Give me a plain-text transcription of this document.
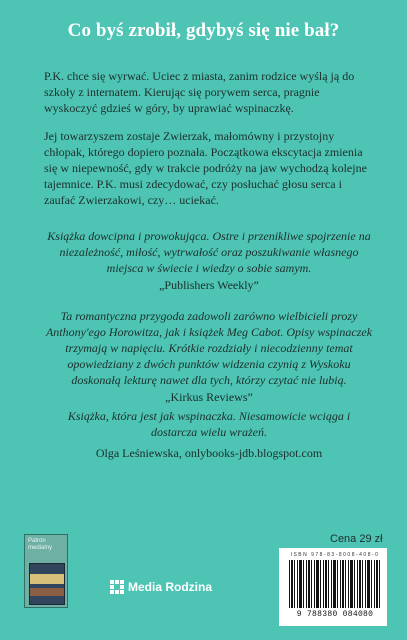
Co byś zrobił, gdybyś się nie bał?
P.K. chce się wyrwać. Uciec z miasta, zanim rodzice wyślą ją do szkoły z internatem. Kierując się porywem serca, pragnie wyskoczyć gdzieś w góry, by uprawiać wspinaczkę.
Jej towarzyszem zostaje Zwierzak, małomówny i przystojny chłopak, którego dopiero poznała. Początkowa ekscytacja zmienia się w niepewność, gdy w trakcie podróży na jaw wychodzą kolejne tajemnice. P.K. musi zdecydować, czy posłuchać głosu serca i zaufać Zwierzakowi, czy… uciekać.
Książka dowcipna i prowokująca. Ostre i przenikliwe spojrzenie na niezależność, miłość, wytrwałość oraz poszukiwanie własnego miejsca w świecie i wiedzy o sobie samym.
„Publishers Weekly”
Ta romantyczna przygoda zadowoli zarówno wielbicieli prozy Anthony'ego Horowitza, jak i książek Meg Cabot. Opisy wspinaczek trzymają w napięciu. Krótkie rozdziały i niecodzienny temat opowiedziany z dwóch punktów widzenia czynią z Wyskoku doskonałą lekturę nawet dla tych, którzy czytać nie lubią.
„Kirkus Reviews”
Książka, która jest jak wspinaczka. Niesamowicie wciąga i dostarcza wielu wrażeń.
Olga Leśniewska, onlybooks-jdb.blogspot.com
Patron medialny
Media Rodzina
Cena 29 zł
ISBN 978-83-8008-408-0
9 788380 084080
